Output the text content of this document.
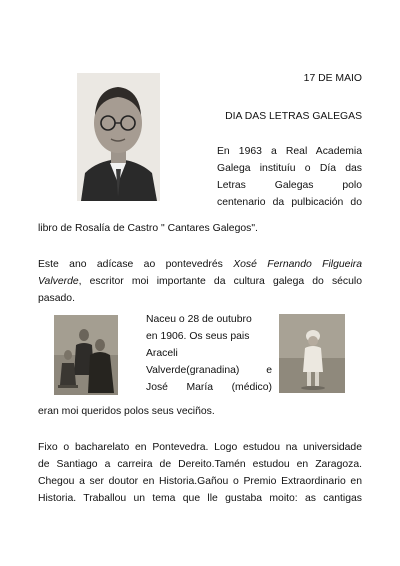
17 DE MAIO
DIA DAS LETRAS GALEGAS
En 1963 a Real Academia
Galega instituíu o Día das
Letras Galegas polo
centenario da pulbicación do
libro de Rosalía de Castro " Cantares Galegos".
Este ano adícase ao pontevedrés Xosé Fernando Filgueira
Valverde, escritor moi importante da cultura galega do século
pasado.
Naceu o 28 de outubro
en 1906. Os seus pais
Araceli
Valverde(granadina) e
José María (médico)
eran moi queridos polos seus veciños.
Fixo o bacharelato en Pontevedra. Logo estudou na universidade
de Santiago a carreira de Dereito.Tamén estudou en Zaragoza.
Chegou a ser doutor en Historia.Gañou o Premio Extraordinario en
Historia. Traballou un tema que lle gustaba moito: as cantigas
